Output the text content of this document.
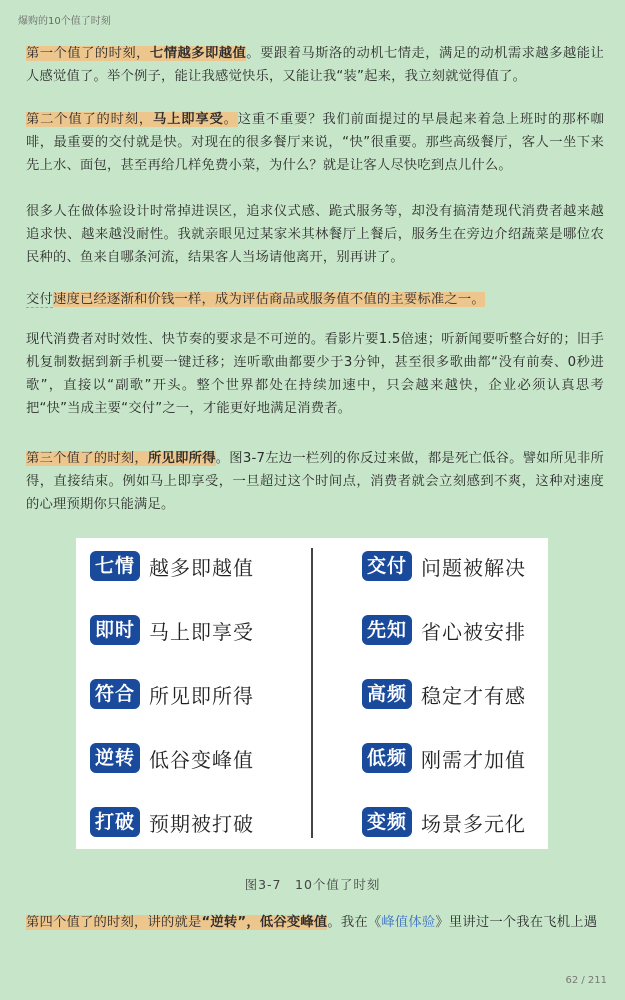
爆购的10个值了时刻
第一个值了的时刻，七情越多即越值。要跟着马斯洛的动机七情走，满足的动机需求越多越能让人感觉值了。举个例子，能让我感觉快乐，又能让我“装”起来，我立刻就觉得值了。
第二个值了的时刻，马上即享受。这重不重要？我们前面提过的早晨起来着急上班时的那杯咖啡，最重要的交付就是快。对现在的很多餐厅来说，“快”很重要。那些高级餐厅，客人一坐下来先上水、面包，甚至再给几样免费小菜，为什么？就是让客人尽快吃到点儿什么。
很多人在做体验设计时常掉进误区，追求仪式感、跪式服务等，却没有搞清楚现代消费者越来越追求快、越来越没耐性。我就亲眼见过某家米其林餐厅上餐后，服务生在旁边介绍蔬菜是哪位农民种的、鱼来自哪条河流，结果客人当场请他离开，别再讲了。
交付速度已经逐渐和价钱一样，成为评估商品或服务值不值的主要标准之一。
现代消费者对时效性、快节奏的要求是不可逆的。看影片要1.5倍速；听新闻要听整合好的；旧手机复制数据到新手机要一键迁移；连听歌曲都要少于3分钟，甚至很多歌曲都“没有前奏、0秒进歌”，直接以“副歌”开头。整个世界都处在持续加速中，只会越来越快，企业必须认真思考把“快”当成主要“交付”之一，才能更好地满足消费者。
第三个值了的时刻，所见即所得。图3-7左边一栏列的你反过来做，都是死亡低谷。譬如所见非所得，直接结束。例如马上即享受，一旦超过这个时间点，消费者就会立刻感到不爽，这种对速度的心理预期你只能满足。
七情 越多即越值
即时 马上即享受
符合 所见即所得
逆转 低谷变峰值
打破 预期被打破
交付 问题被解决
先知 省心被安排
高频 稳定才有感
低频 刚需才加值
变频 场景多元化
图3-7　10个值了时刻
第四个值了的时刻，讲的就是“逆转”，低谷变峰值。我在《峰值体验》里讲过一个我在飞机上遇
62 / 211
